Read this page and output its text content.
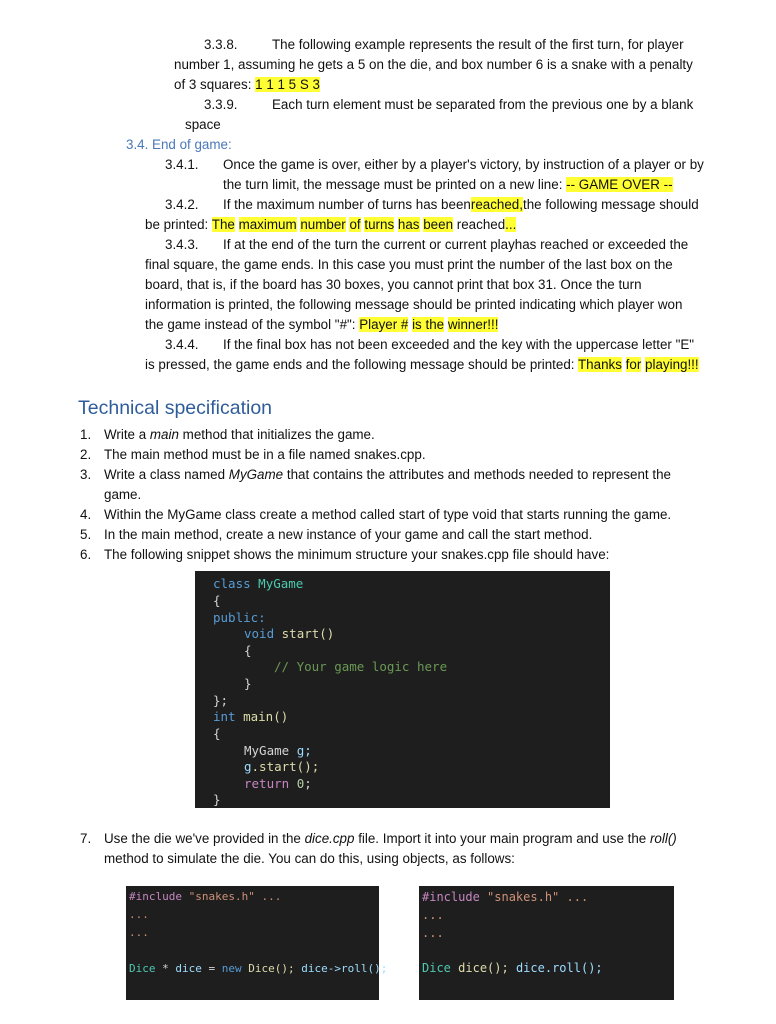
3.3.8.	The following example represents the result of the first turn, for player
number 1, assuming he gets a 5 on the die, and box number 6 is a snake with a penalty
of 3 squares: 1 1 1 5 S 3
3.3.9.	Each turn element must be separated from the previous one by a blank
space
3.4. End of game:
3.4.1. Once the game is over, either by a player's victory, by instruction of a player or by
the turn limit, the message must be printed on a new line: -- GAME OVER --
3.4.2. If the maximum number of turns has beenreached,the following message should
be printed: The maximum number of turns has been reached...
3.4.3. If at the end of the turn the current or current playhas reached or exceeded the
final square, the game ends. In this case you must print the number of the last box on the
board, that is, if the board has 30 boxes, you cannot print that box 31. Once the turn
information is printed, the following message should be printed indicating which player won
the game instead of the symbol "#": Player # is the winner!!!
3.4.4. If the final box has not been exceeded and the key with the uppercase letter "E"
is pressed, the game ends and the following message should be printed: Thanks for playing!!!
Technical specification
1. Write a main method that initializes the game.
2. The main method must be in a file named snakes.cpp.
3. Write a class named MyGame that contains the attributes and methods needed to represent the
game.
4. Within the MyGame class create a method called start of type void that starts running the game.
5. In the main method, create a new instance of your game and call the start method.
6. The following snippet shows the minimum structure your snakes.cpp file should have:
class MyGame
{
public:
void start()
{
// Your game logic here
}
};
int main()
{
MyGame g;
g.start();
return 0;
}
7. Use the die we've provided in the dice.cpp file. Import it into your main program and use the roll()
method to simulate the die. You can do this, using objects, as follows:
#include "snakes.h" ...
...
...
Dice * dice = new Dice(); dice->roll();
#include "snakes.h" ...
...
...
Dice dice(); dice.roll();
